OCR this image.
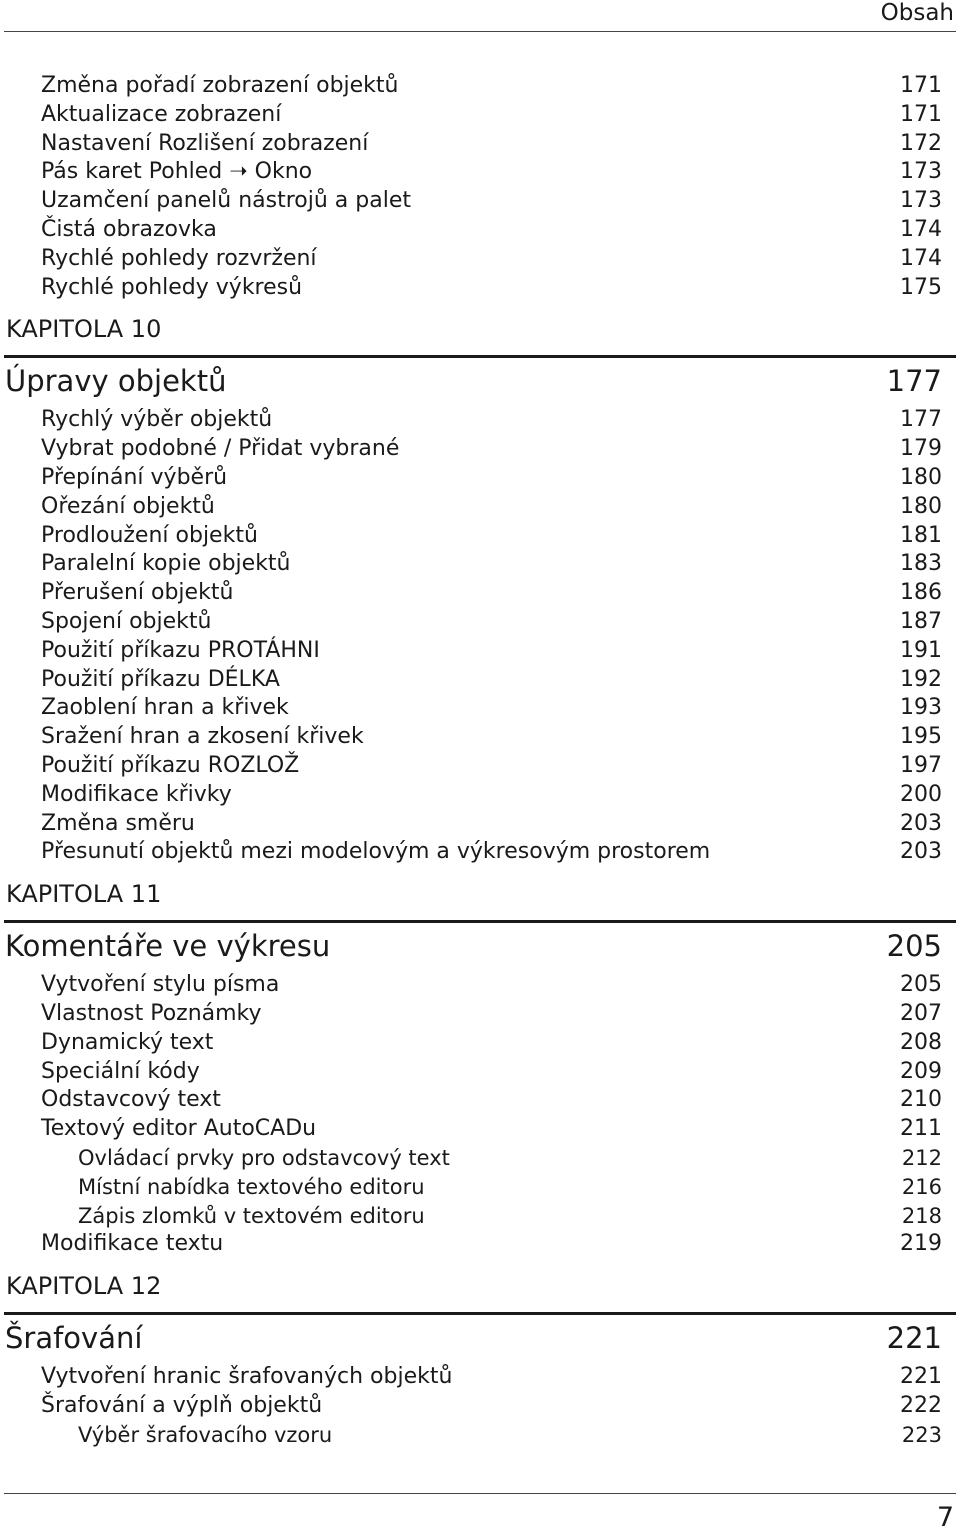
Obsah
Změna pořadí zobrazení objektů	171
Aktualizace zobrazení	171
Nastavení Rozlišení zobrazení	172
Pás karet Pohled ➝ Okno	173
Uzamčení panelů nástrojů a palet	173
Čistá obrazovka	174
Rychlé pohledy rozvržení	174
Rychlé pohledy výkresů	175
KAPITOLA 10
Úpravy objektů	177
Rychlý výběr objektů	177
Vybrat podobné / Přidat vybrané	179
Přepínání výběrů	180
Ořezání objektů	180
Prodloužení objektů	181
Paralelní kopie objektů	183
Přerušení objektů	186
Spojení objektů	187
Použití příkazu PROTÁHNI	191
Použití příkazu DÉLKA	192
Zaoblení hran a křivek	193
Sražení hran a zkosení křivek	195
Použití příkazu ROZLOŽ	197
Modifikace křivky	200
Změna směru	203
Přesunutí objektů mezi modelovým a výkresovým prostorem	203
KAPITOLA 11
Komentáře ve výkresu	205
Vytvoření stylu písma	205
Vlastnost Poznámky	207
Dynamický text	208
Speciální kódy	209
Odstavcový text	210
Textový editor AutoCADu	211
Ovládací prvky pro odstavcový text	212
Místní nabídka textového editoru	216
Zápis zlomků v textovém editoru	218
Modifikace textu	219
KAPITOLA 12
Šrafování	221
Vytvoření hranic šrafovaných objektů	221
Šrafování a výplň objektů	222
Výběr šrafovacího vzoru	223
7
